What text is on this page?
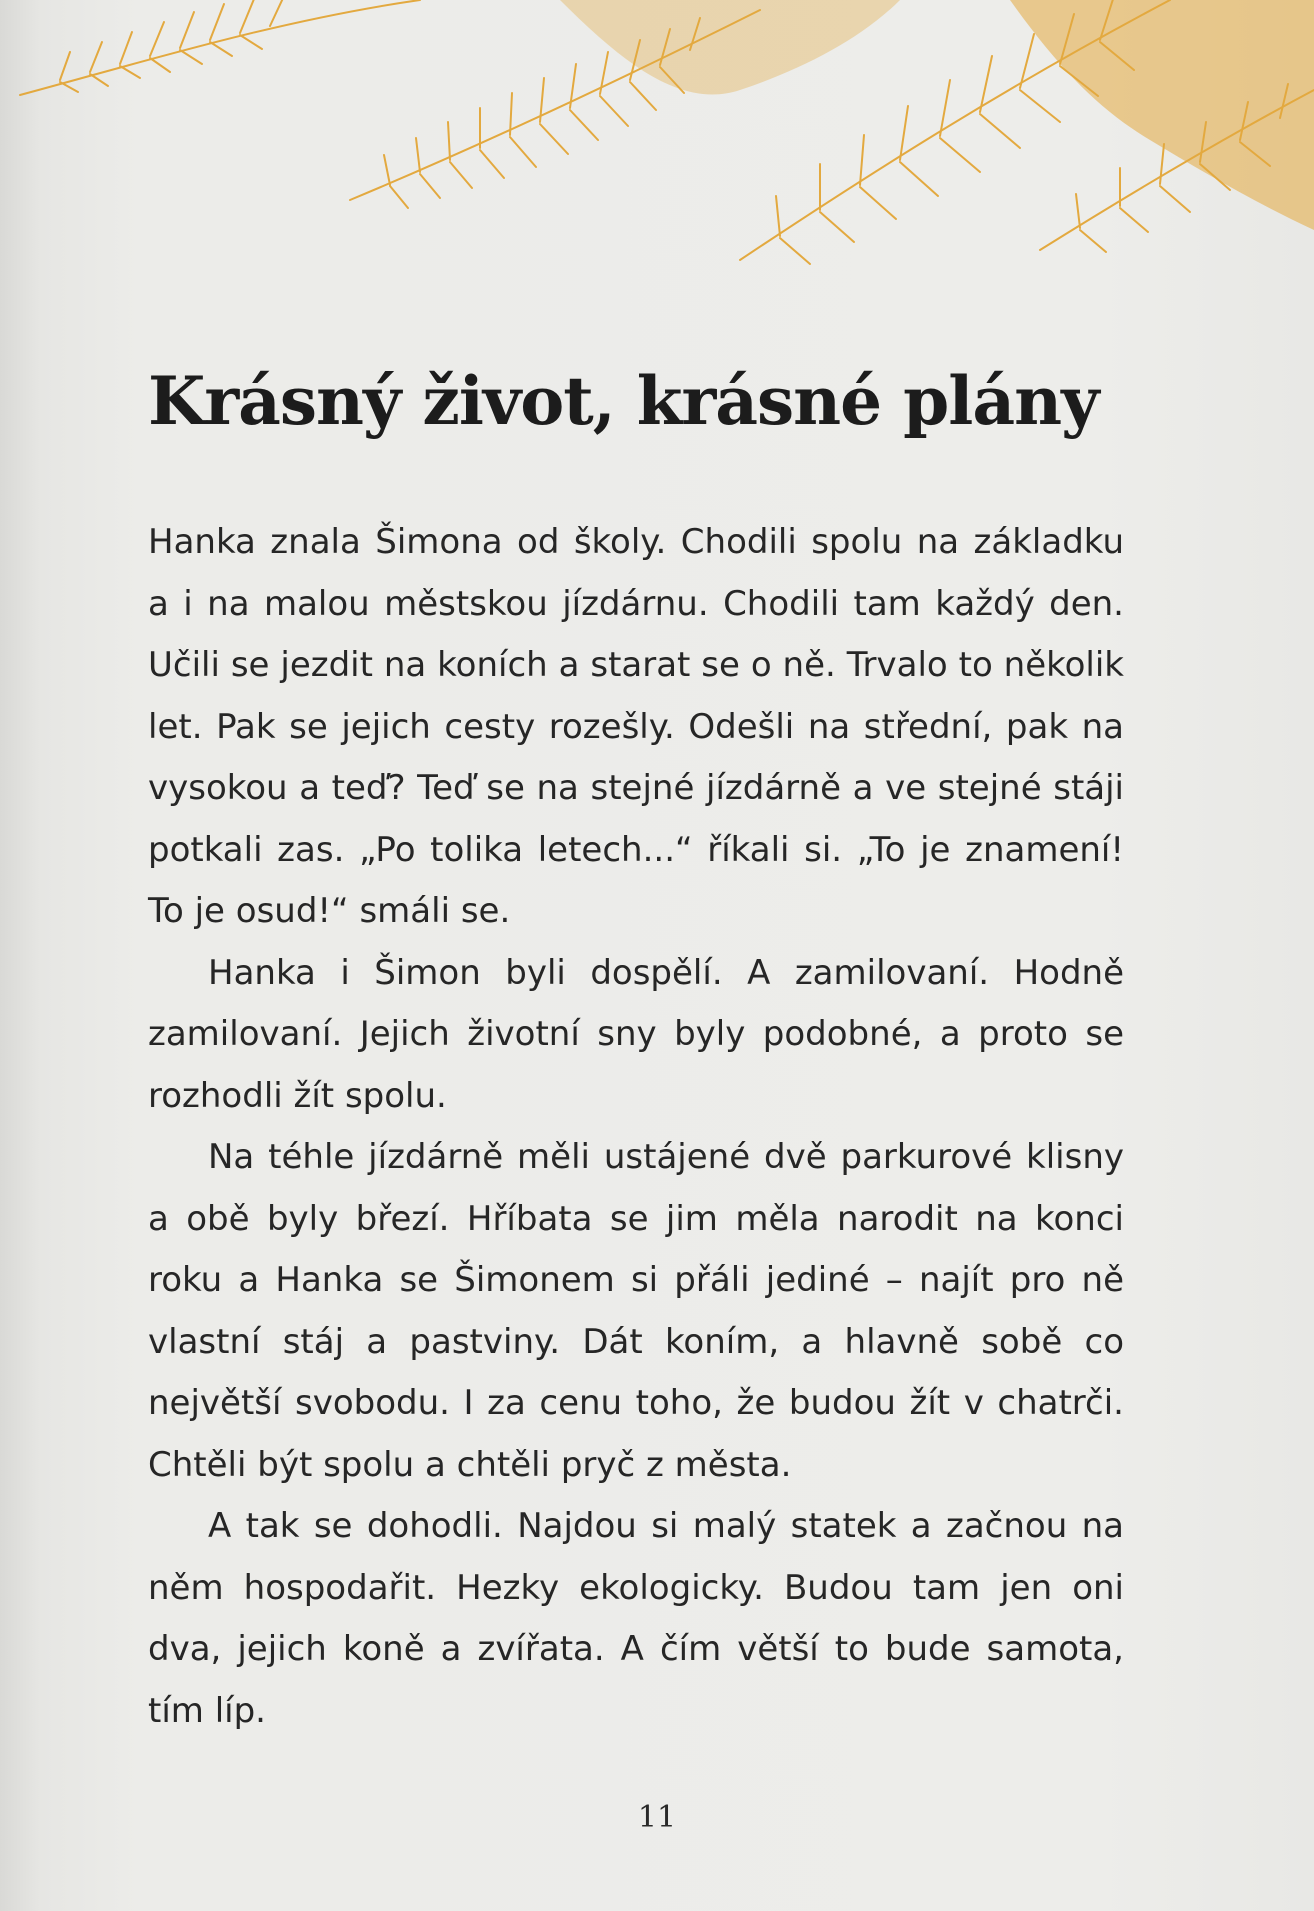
Krásný život, krásné plány

Hanka znala Šimona od školy. Chodili spolu na základku a i na malou městskou jízdárnu. Chodili tam každý den. Učili se jezdit na koních a starat se o ně. Trvalo to několik let. Pak se jejich cesty rozešly. Odešli na střední, pak na vysokou a teď? Teď se na stejné jízdárně a ve stejné stáji potkali zas. „Po tolika letech...“ říkali si. „To je znamení! To je osud!“ smáli se.

Hanka i Šimon byli dospělí. A zamilovaní. Hodně zamilovaní. Jejich životní sny byly podobné, a proto se rozhodli žít spolu.

Na téhle jízdárně měli ustájené dvě parkurové klisny a obě byly březí. Hříbata se jim měla narodit na konci roku a Hanka se Šimonem si přáli jediné – najít pro ně vlastní stáj a pastviny. Dát koním, a hlavně sobě co největší svobodu. I za cenu toho, že budou žít v chatrči. Chtěli být spolu a chtěli pryč z města.

A tak se dohodli. Najdou si malý statek a začnou na něm hospodařit. Hezky ekologicky. Budou tam jen oni dva, jejich koně a zvířata. A čím větší to bude samota, tím líp.

11
